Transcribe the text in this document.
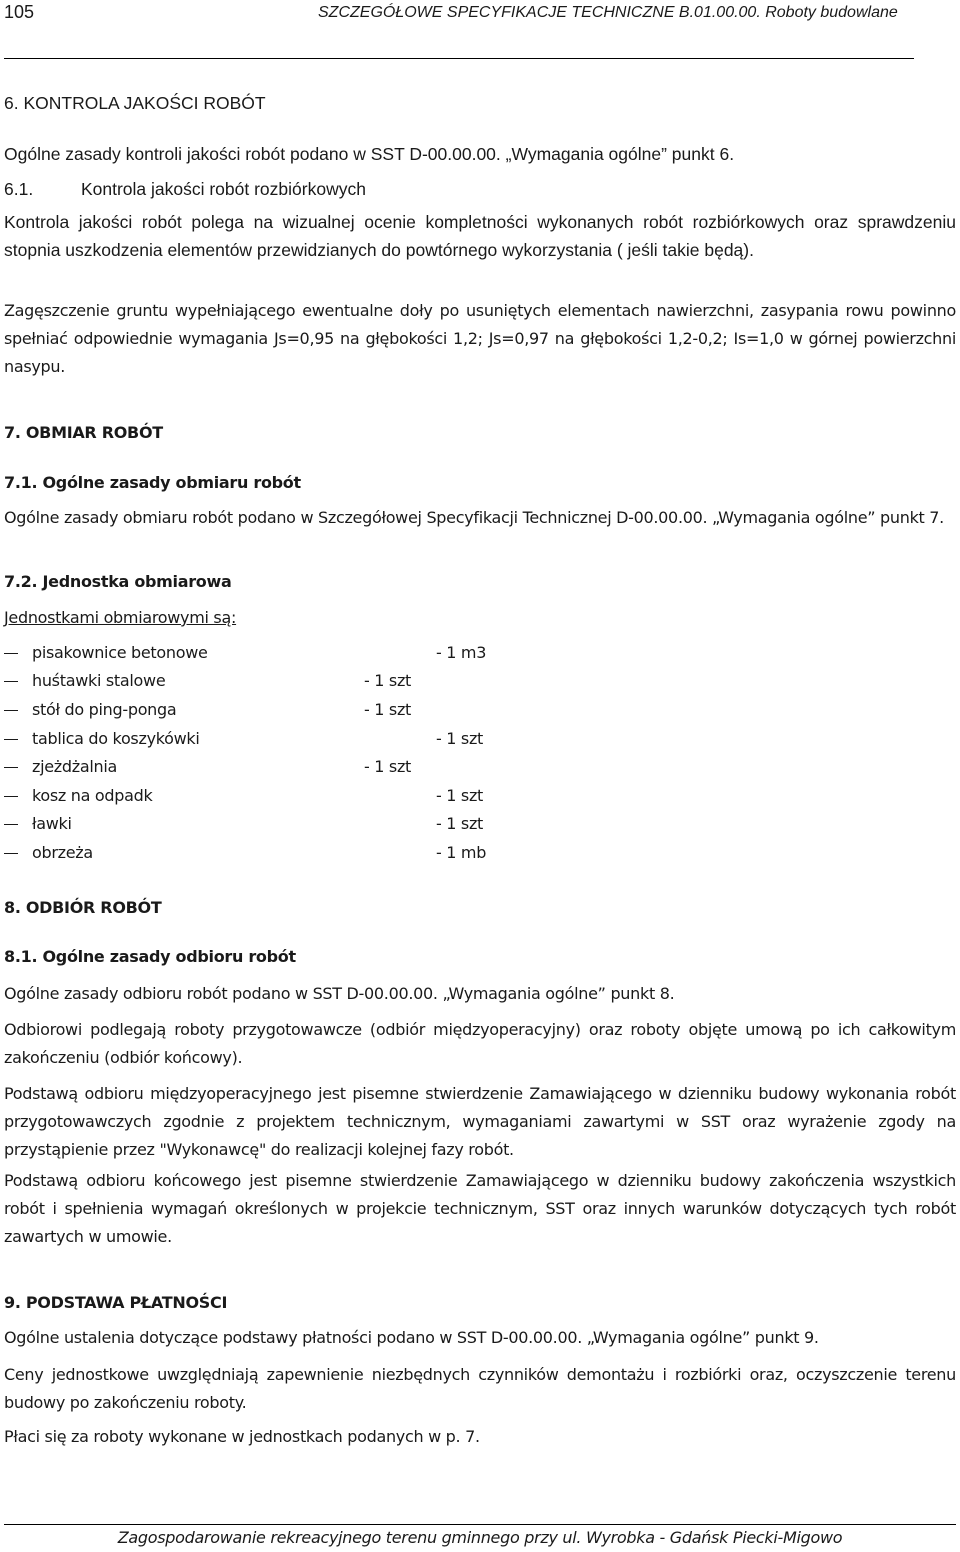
105	SZCZEGÓŁOWE SPECYFIKACJE TECHNICZNE B.01.00.00. Roboty budowlane
6. KONTROLA JAKOŚCI ROBÓT
Ogólne zasady kontroli jakości robót podano w SST D-00.00.00. „Wymagania ogólne” punkt 6.
6.1.	Kontrola jakości robót rozbiórkowych
Kontrola jakości robót polega na wizualnej ocenie kompletności wykonanych robót rozbiórkowych oraz sprawdzeniu stopnia uszkodzenia elementów przewidzianych do powtórnego wykorzystania ( jeśli takie będą).
Zagęszczenie gruntu wypełniającego ewentualne doły po usuniętych elementach nawierzchni, zasypania rowu powinno spełniać odpowiednie wymagania Js=0,95 na głębokości 1,2; Js=0,97 na głębokości 1,2-0,2; Is=1,0 w górnej powierzchni nasypu.
7. OBMIAR ROBÓT
7.1. Ogólne zasady obmiaru robót
Ogólne zasady obmiaru robót podano w Szczegółowej Specyfikacji Technicznej D-00.00.00. „Wymagania ogólne” punkt 7.
7.2. Jednostka obmiarowa
Jednostkami obmiarowymi są:
pisakownice betonowe	- 1 m3
huśtawki stalowe	- 1 szt
stół do ping-ponga	- 1 szt
tablica do koszykówki	- 1 szt
zjeżdżalnia	- 1 szt
kosz na odpadk	- 1 szt
ławki	- 1 szt
obrzeża	- 1 mb
8. ODBIÓR ROBÓT
8.1. Ogólne zasady odbioru robót
Ogólne zasady odbioru robót podano w SST D-00.00.00. „Wymagania ogólne” punkt 8.
Odbiorowi podlegają roboty przygotowawcze (odbiór międzyoperacyjny) oraz roboty objęte umową po ich całkowitym zakończeniu (odbiór końcowy).
Podstawą odbioru międzyoperacyjnego jest pisemne stwierdzenie Zamawiającego w dzienniku budowy wykonania robót przygotowawczych zgodnie z projektem technicznym, wymaganiami zawartymi w SST oraz wyrażenie zgody na przystąpienie przez "Wykonawcę" do realizacji kolejnej fazy robót.
Podstawą odbioru końcowego jest pisemne stwierdzenie Zamawiającego w dzienniku budowy zakończenia wszystkich robót i spełnienia wymagań określonych w projekcie technicznym, SST oraz innych warunków dotyczących tych robót zawartych w umowie.
9. PODSTAWA PŁATNOŚCI
Ogólne ustalenia dotyczące podstawy płatności podano w SST D-00.00.00. „Wymagania ogólne” punkt 9.
Ceny jednostkowe uwzględniają zapewnienie niezbędnych czynników demontażu i rozbiórki oraz, oczyszczenie terenu budowy po zakończeniu roboty.
Płaci się za roboty wykonane w jednostkach podanych w p. 7.
Zagospodarowanie rekreacyjnego terenu gminnego przy ul. Wyrobka - Gdańsk Piecki-Migowo
